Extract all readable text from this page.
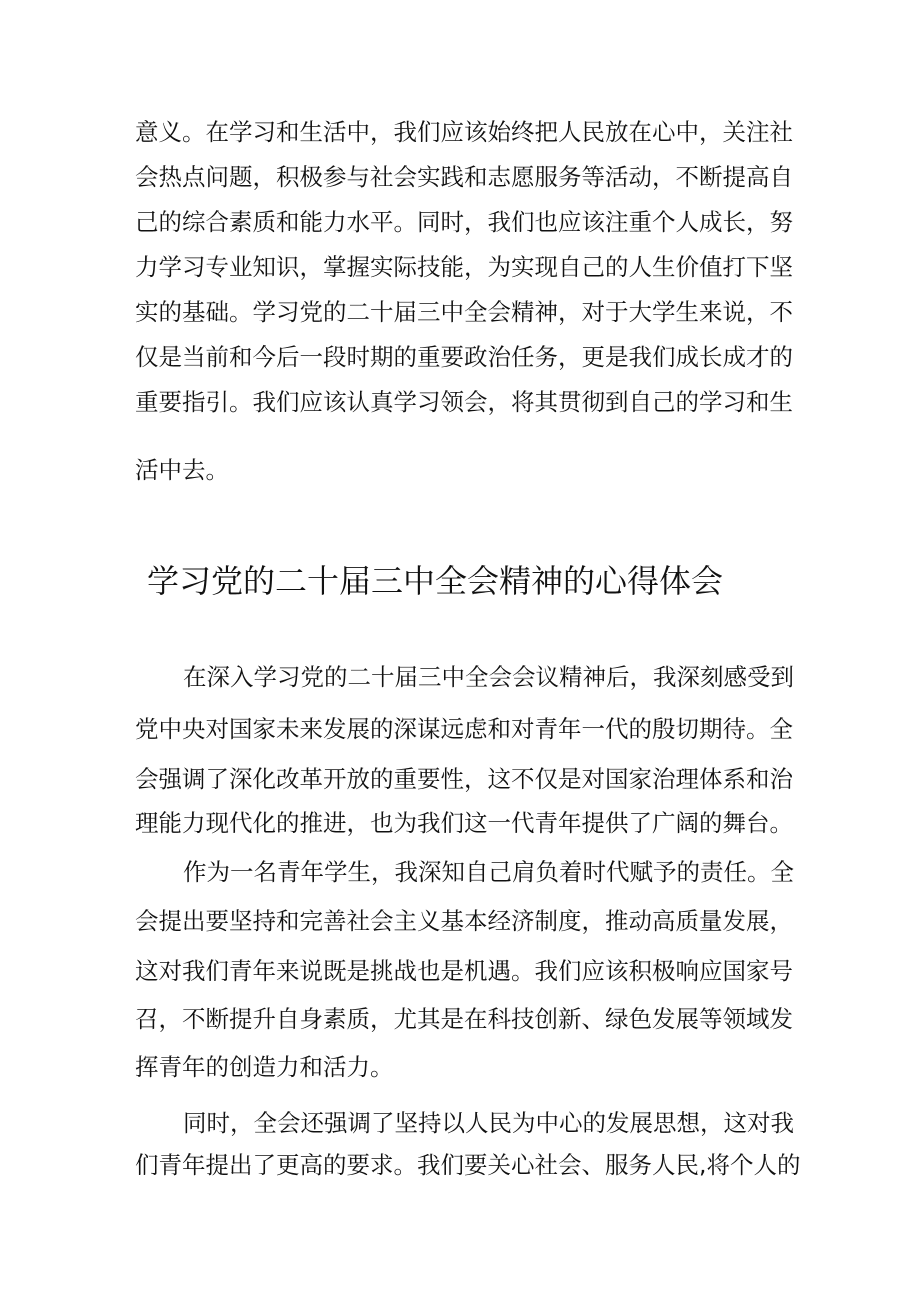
意义。在学习和生活中，我们应该始终把人民放在心中，关注社
会热点问题，积极参与社会实践和志愿服务等活动，不断提高自
己的综合素质和能力水平。同时，我们也应该注重个人成长，努
力学习专业知识，掌握实际技能，为实现自己的人生价值打下坚
实的基础。学习党的二十届三中全会精神，对于大学生来说，不
仅是当前和今后一段时期的重要政治任务，更是我们成长成才的
重要指引。我们应该认真学习领会，将其贯彻到自己的学习和生
活中去。
学习党的二十届三中全会精神的心得体会
在深入学习党的二十届三中全会会议精神后，我深刻感受到
党中央对国家未来发展的深谋远虑和对青年一代的殷切期待。全
会强调了深化改革开放的重要性，这不仅是对国家治理体系和治
理能力现代化的推进，也为我们这一代青年提供了广阔的舞台。
作为一名青年学生，我深知自己肩负着时代赋予的责任。全
会提出要坚持和完善社会主义基本经济制度，推动高质量发展，
这对我们青年来说既是挑战也是机遇。我们应该积极响应国家号
召，不断提升自身素质，尤其是在科技创新、绿色发展等领域发
挥青年的创造力和活力。
同时，全会还强调了坚持以人民为中心的发展思想，这对我
们青年提出了更高的要求。我们要关心社会、服务人民,将个人的
